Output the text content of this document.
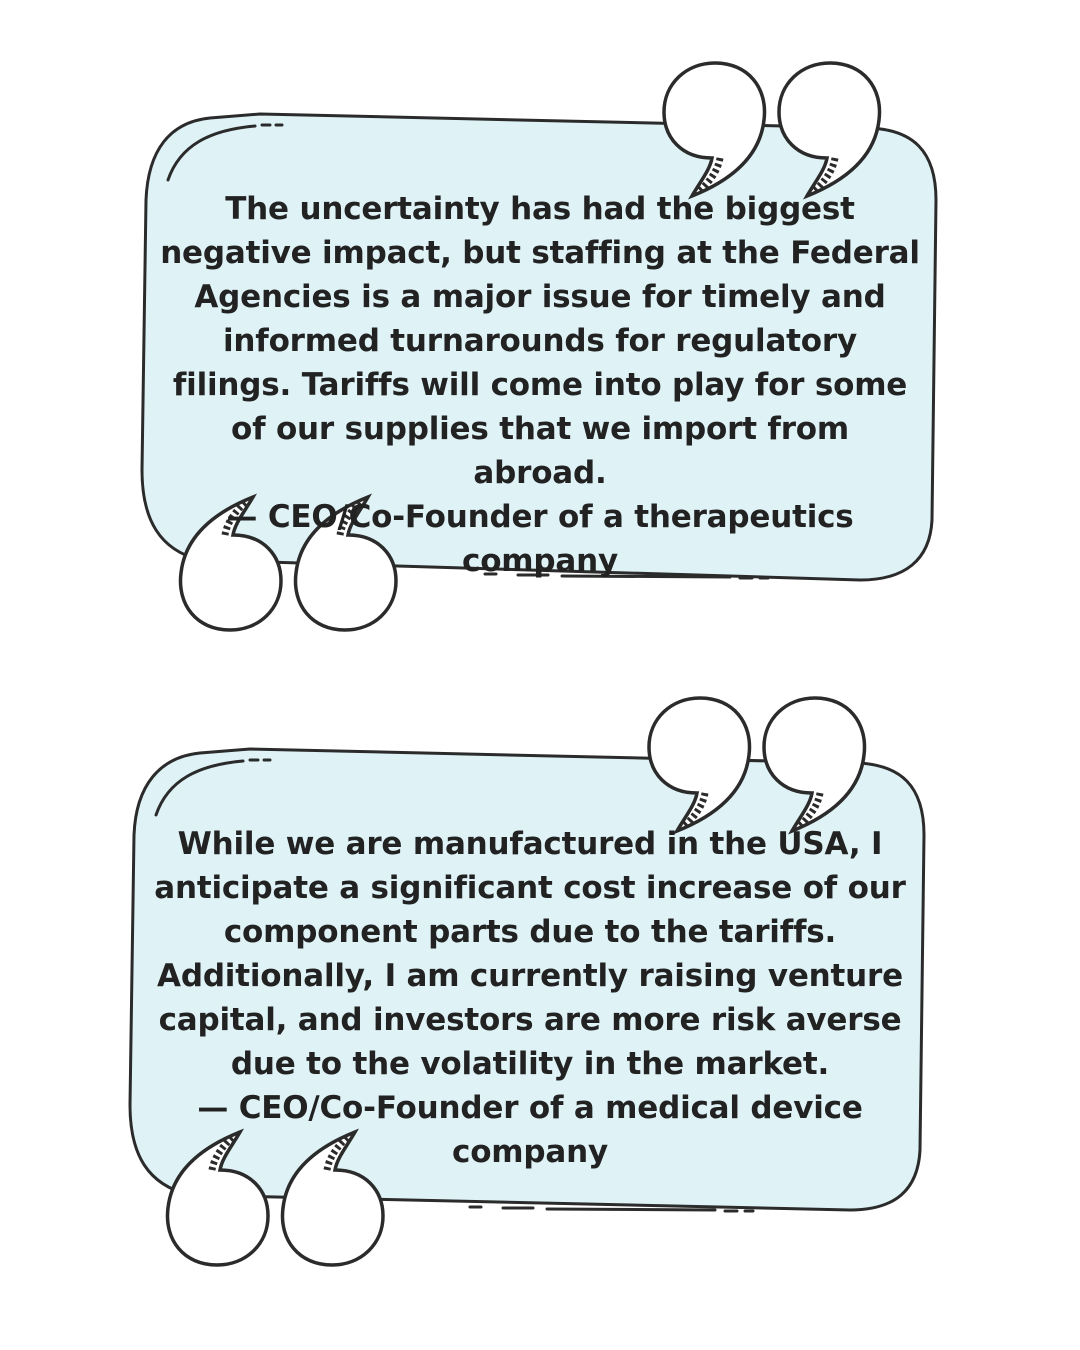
The uncertainty has had the biggest negative impact, but staffing at the Federal Agencies is a major issue for timely and informed turnarounds for regulatory filings. Tariffs will come into play for some of our supplies that we import from abroad.
— CEO/Co-Founder of a therapeutics company
While we are manufactured in the USA, I anticipate a significant cost increase of our component parts due to the tariffs. Additionally, I am currently raising venture capital, and investors are more risk averse due to the volatility in the market.
— CEO/Co-Founder of a medical device company
